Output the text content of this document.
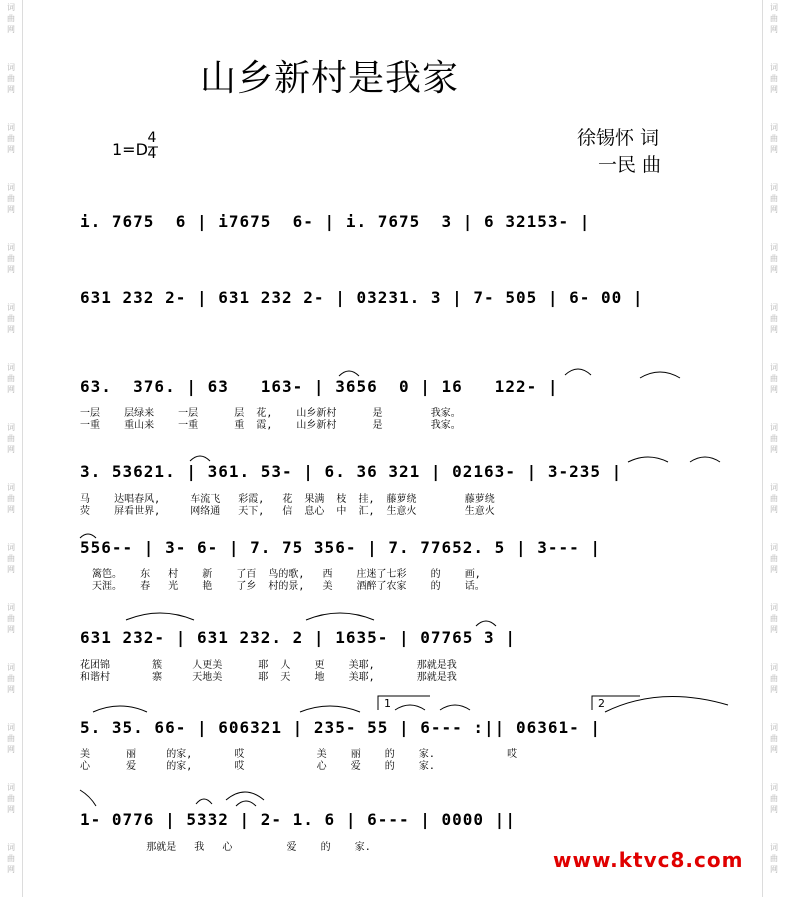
词
曲
网
词
曲
网
词
曲
网
词
曲
网
词
曲
网
词
曲
网
词
曲
网
词
曲
网
词
曲
网
词
曲
网
词
曲
网
词
曲
网
词
曲
网
词
曲
网
词
曲
网
词
曲
网
词
曲
网
词
曲
网
词
曲
网
词
曲
网
词
曲
网
词
曲
网
词
曲
网
词
曲
网
词
曲
网
词
曲
网
词
曲
网
词
曲
网
词
曲
网
词
曲
网
山乡新村是我家
1=D
4
4
徐锡怀 词
一民 曲
i. 7675  6 | i7675  6- | i. 7675  3 | 6 32153- |
631 232 2- | 631 232 2- | 03231. 3 | 7- 505 | 6- 00 |
63.  376. | 63   163- | 3656  0 | 16   122- |
一层    层绿来    一层      层  花,    山乡新村      是        我家。
一重    重山来    一重      重  霞,    山乡新村      是        我家。
3. 53621. | 361. 53- | 6. 36 321 | 02163- | 3-235 |
马    达唱春风,     车流飞   彩霞,   花  果满  枝  挂,  藤萝绕        藤萝绕
荧    屏看世界,     网络通   天下,   信  息心  中  汇,  生意火        生意火
556-- | 3- 6- | 7. 75 356- | 7. 77652. 5 | 3--- |
篱笆。   东   村    新    了百  鸟的歌,   西    庄迷了七彩    的    画,
天涯。   春   光    艳    了乡  村的景,   美    酒醉了农家    的    话。
631 232- | 631 232. 2 | 1635- | 07765 3 |
花团锦       簇     人更美      耶  人    更    美耶,       那就是我
和谐村       寨     天地美      耶  天    地    美耶,       那就是我
5. 35. 66- | 606321 | 235- 55 | 6--- :|| 06361- |
美      丽     的家,       哎            美    丽    的    家.            哎
心      爱     的家,       哎            心    爱    的    家.
1- 0776 | 5332 | 2- 1. 6 | 6--- | 0000 ||
那就是   我   心         爱    的    家.
1	2
www.ktvc8.com
